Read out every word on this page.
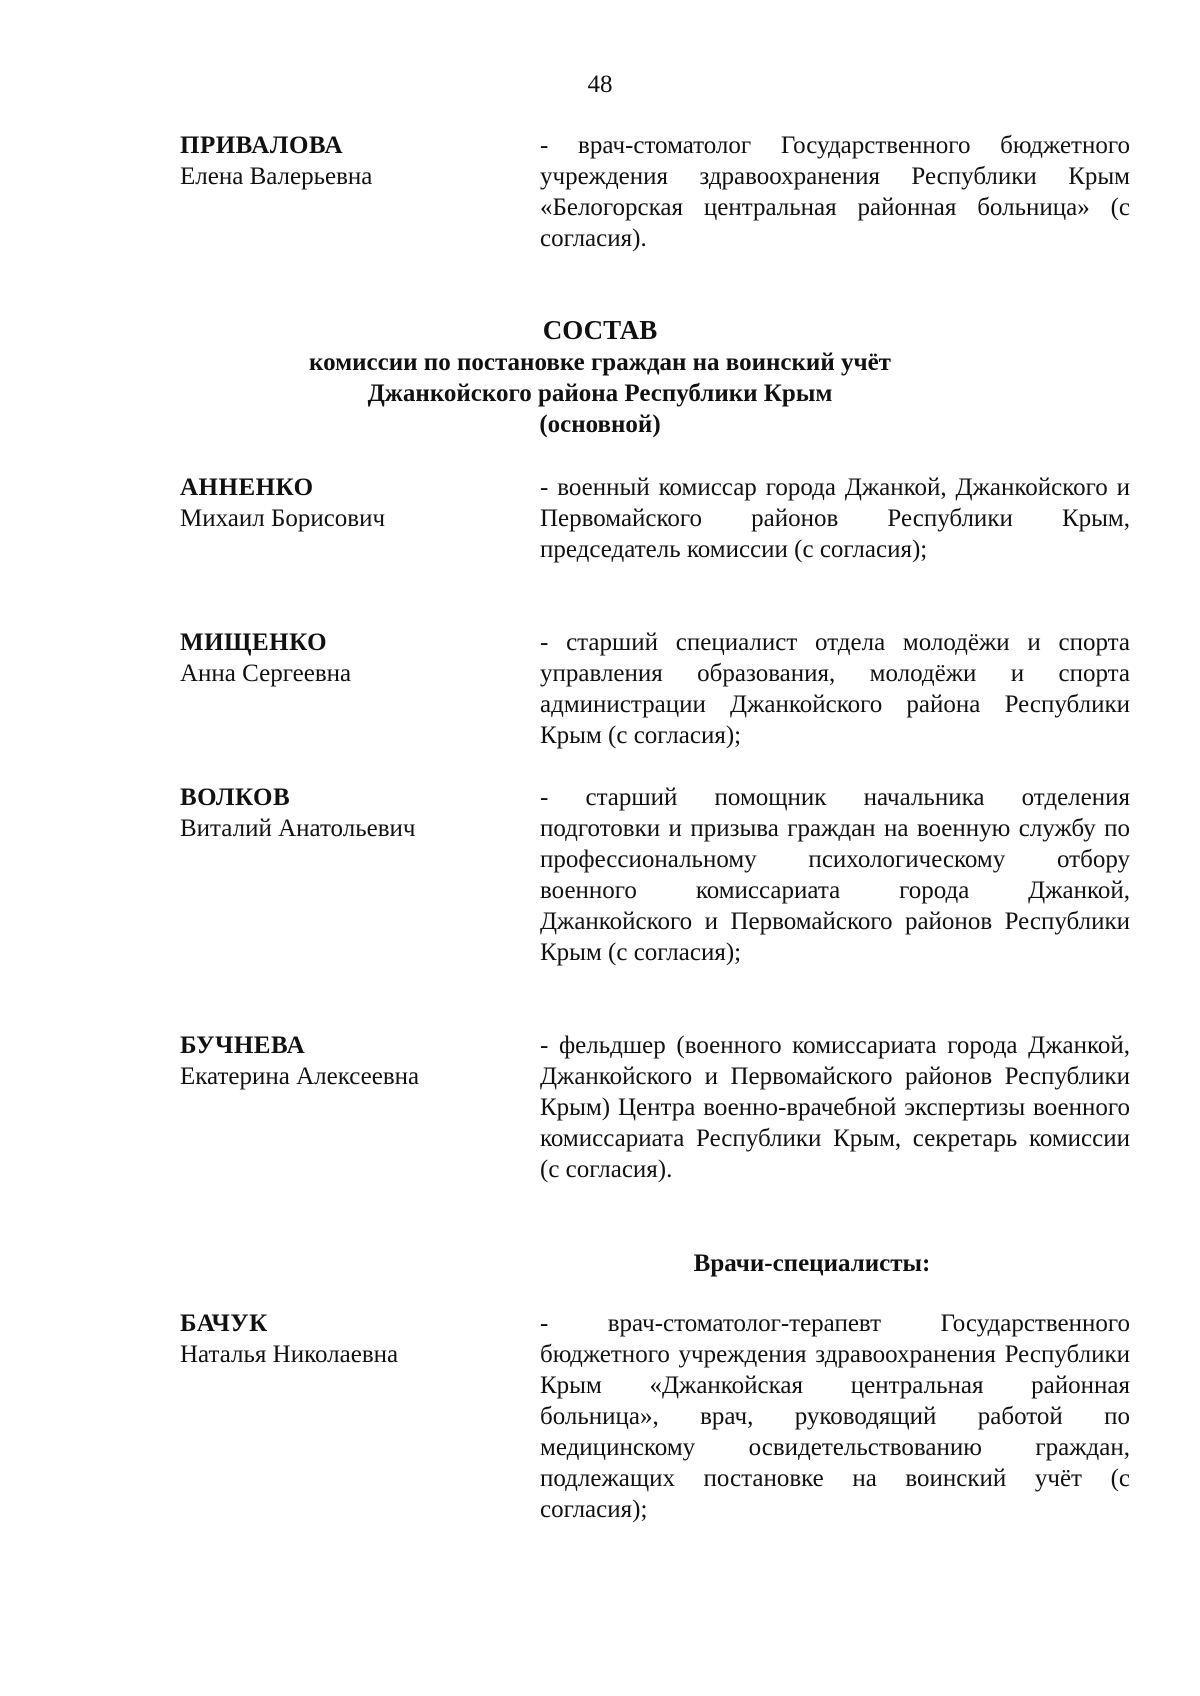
48
ПРИВАЛОВА
Елена Валерьевна
- врач-стоматолог Государственного бюджетного учреждения здравоохранения Республики Крым «Белогорская центральная районная больница» (с согласия).
СОСТАВ
комиссии по постановке граждан на воинский учёт
Джанкойского района Республики Крым
(основной)
АННЕНКО
Михаил Борисович
- военный комиссар города Джанкой, Джанкойского и Первомайского районов Республики Крым, председатель комиссии (с согласия);
МИЩЕНКО
Анна Сергеевна
- старший специалист отдела молодёжи и спорта управления образования, молодёжи и спорта администрации Джанкойского района Республики Крым (с согласия);
ВОЛКОВ
Виталий Анатольевич
- старший помощник начальника отделения подготовки и призыва граждан на военную службу по профессиональному психологическому отбору военного комиссариата города Джанкой, Джанкойского и Первомайского районов Республики Крым (с согласия);
БУЧНЕВА
Екатерина Алексеевна
- фельдшер (военного комиссариата города Джанкой, Джанкойского и Первомайского районов Республики Крым) Центра военно-врачебной экспертизы военного комиссариата Республики Крым, секретарь комиссии (с согласия).
Врачи-специалисты:
БАЧУК
Наталья Николаевна
- врач-стоматолог-терапевт Государственного бюджетного учреждения здравоохранения Республики Крым «Джанкойская центральная районная больница», врач, руководящий работой по медицинскому освидетельствованию граждан, подлежащих постановке на воинский учёт (с согласия);
